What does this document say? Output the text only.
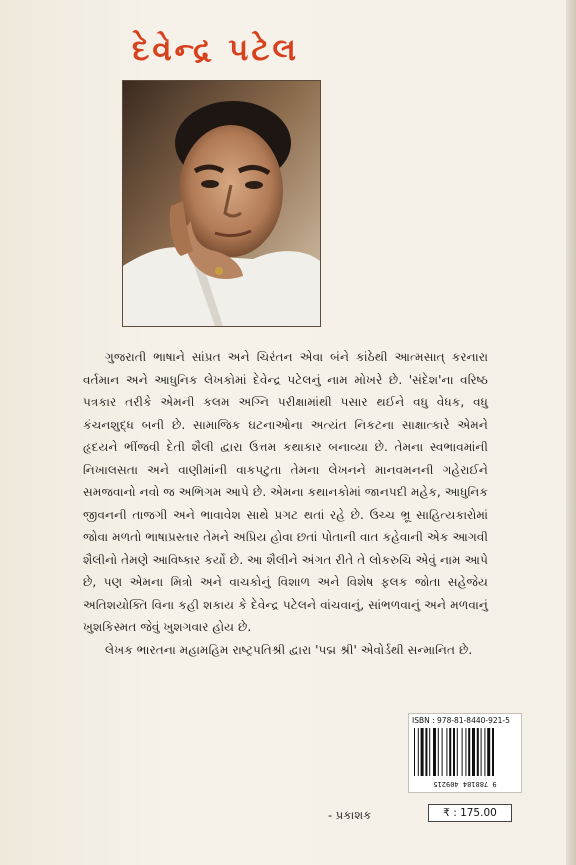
દેવેન્દ્ર પટેલ

ગુજરાતી ભાષાને સાંપ્રત અને ચિરંતન એવા બંને કાંઠેથી આત્મસાત્ કરનારા વર્તમાન અને આધુનિક લેખકોમાં દેવેન્દ્ર પટેલનું નામ મોખરે છે. 'સંદેશ'ના વરિષ્ઠ પત્રકાર તરીકે એમની કલમ અગ્નિ પરીક્ષામાંથી પસાર થઈને વધુ વેધક, વધુ કંચનશુદ્ધ બની છે. સામાજિક ઘટનાઓના અત્યંત નિકટના સાક્ષાત્કારે એમને હૃદયને ભીંજવી દેતી શૈલી દ્વારા ઉત્તમ કથાકાર બનાવ્યા છે. તેમના સ્વભાવમાંની નિખાલસતા અને વાણીમાંની વાકપટુતા તેમના લેખનને માનવમનની ગહેરાઈને સમજવાનો નવો જ અભિગમ આપે છે. એમના કથાનકોમાં જાનપદી મહેક, આધુનિક જીવનની તાજગી અને ભાવાવેશ સાથે પ્રગટ થતાં રહે છે. ઉચ્ચ ભ્રૂ સાહિત્યકારોમાં જોવા મળતો ભાષાપ્રસ્તાર તેમને અપ્રિય હોવા છતાં પોતાની વાત કહેવાની એક આગવી શૈલીનો તેમણે આવિષ્કાર કર્યો છે. આ શૈલીને અંગત રીતે તે લોકરુચિ એવું નામ આપે છે, પણ એમના મિત્રો અને વાચકોનું વિશાળ અને વિશેષ ફલક જોતા સહેજેય અતિશયોક્તિ વિના કહી શકાય કે દેવેન્દ્ર પટેલને વાંચવાનું, સાંભળવાનું અને મળવાનું ખુશકિસ્મત જેવું ખુશગવાર હોય છે.

લેખક ભારતના મહામહિમ રાષ્ટ્રપતિશ્રી દ્વારા 'પદ્મ શ્રી' એવોર્ડથી સન્માનિત છે.

- પ્રકાશક
ISBN : 978-81-8440-921-5
9 788184 409215
₹ : 175.00
